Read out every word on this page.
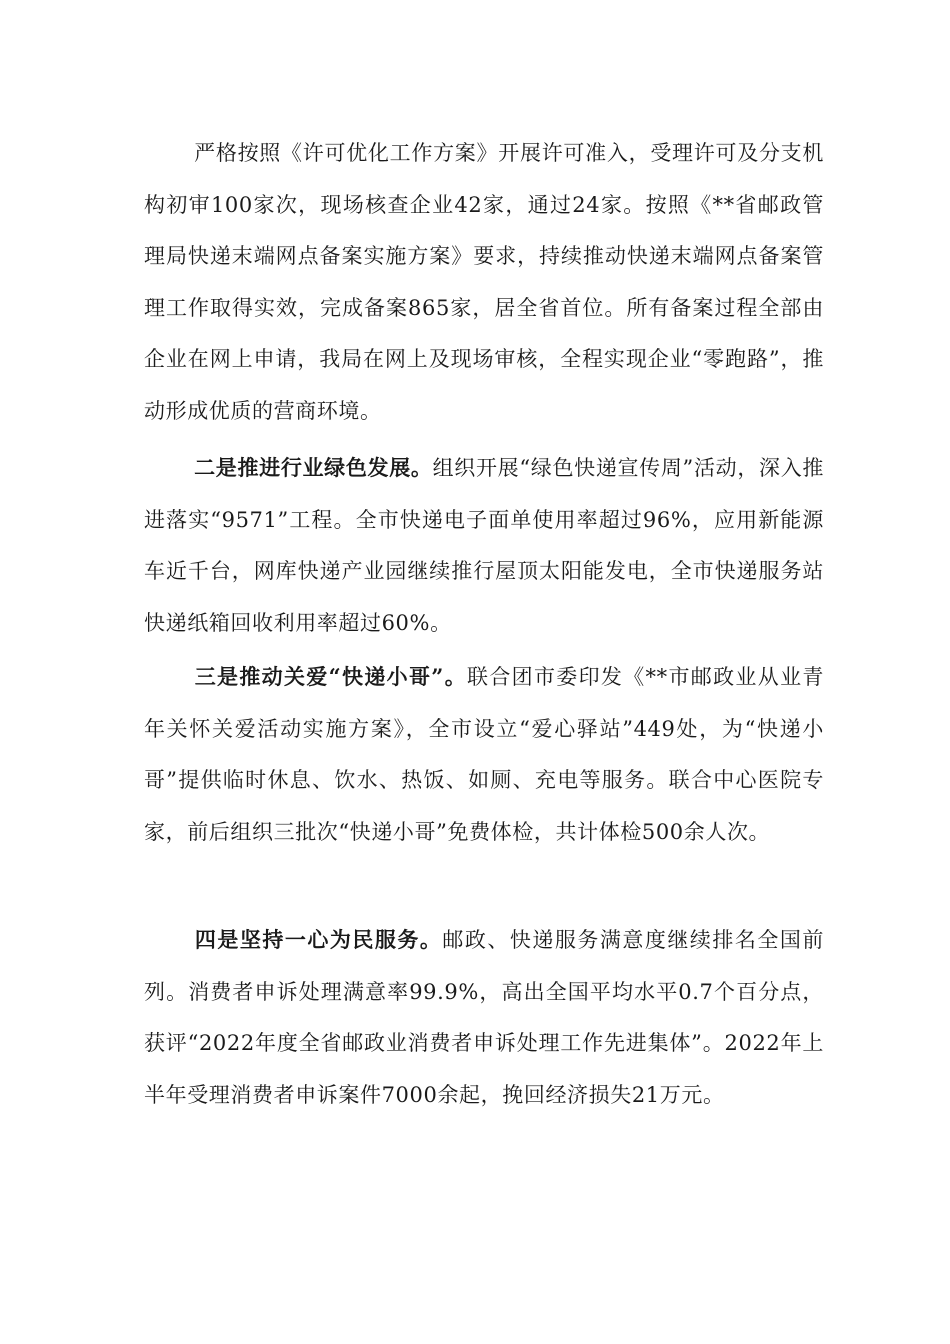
严格按照《许可优化工作方案》开展许可准入，受理许可及分支机构初审100家次，现场核查企业42家，通过24家。按照《**省邮政管理局快递末端网点备案实施方案》要求，持续推动快递末端网点备案管理工作取得实效，完成备案865家，居全省首位。所有备案过程全部由企业在网上申请，我局在网上及现场审核，全程实现企业“零跑路”，推动形成优质的营商环境。

二是推进行业绿色发展。组织开展“绿色快递宣传周”活动，深入推进落实“9571”工程。全市快递电子面单使用率超过96%，应用新能源车近千台，网库快递产业园继续推行屋顶太阳能发电，全市快递服务站快递纸箱回收利用率超过60%。

三是推动关爱“快递小哥”。联合团市委印发《**市邮政业从业青年关怀关爱活动实施方案》，全市设立“爱心驿站”449处，为“快递小哥”提供临时休息、饮水、热饭、如厕、充电等服务。联合中心医院专家，前后组织三批次“快递小哥”免费体检，共计体检500余人次。

四是坚持一心为民服务。邮政、快递服务满意度继续排名全国前列。消费者申诉处理满意率99.9%，高出全国平均水平0.7个百分点，获评“2022年度全省邮政业消费者申诉处理工作先进集体”。2022年上半年受理消费者申诉案件7000余起，挽回经济损失21万元。
